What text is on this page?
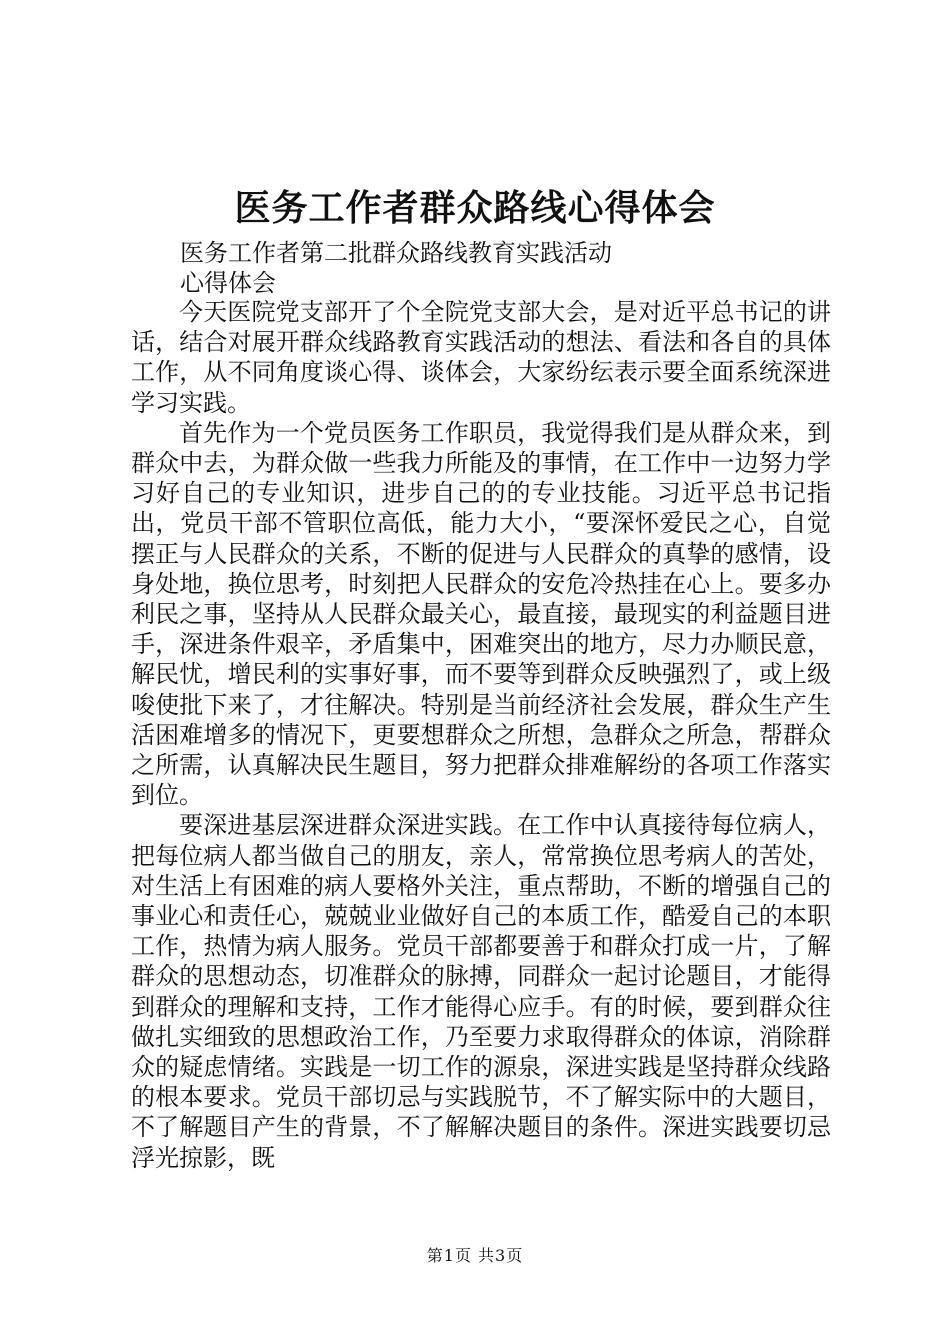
医务工作者群众路线心得体会

医务工作者第二批群众路线教育实践活动

心得体会

今天医院党支部开了个全院党支部大会，是对近平总书记的讲话，结合对展开群众线路教育实践活动的想法、看法和各自的具体工作，从不同角度谈心得、谈体会，大家纷纭表示要全面系统深进学习实践。

首先作为一个党员医务工作职员，我觉得我们是从群众来，到群众中去，为群众做一些我力所能及的事情，在工作中一边努力学习好自己的专业知识，进步自己的的专业技能。习近平总书记指出，党员干部不管职位高低，能力大小，“要深怀爱民之心，自觉摆正与人民群众的关系，不断的促进与人民群众的真挚的感情，设身处地，换位思考，时刻把人民群众的安危冷热挂在心上。要多办利民之事，坚持从人民群众最关心，最直接，最现实的利益题目进手，深进条件艰辛，矛盾集中，困难突出的地方，尽力办顺民意，解民忧，增民利的实事好事，而不要等到群众反映强烈了，或上级唆使批下来了，才往解决。特别是当前经济社会发展，群众生产生活困难增多的情况下，更要想群众之所想，急群众之所急，帮群众之所需，认真解决民生题目，努力把群众排难解纷的各项工作落实到位。

要深进基层深进群众深进实践。在工作中认真接待每位病人，把每位病人都当做自己的朋友，亲人，常常换位思考病人的苦处，对生活上有困难的病人要格外关注，重点帮助，不断的增强自己的事业心和责任心，兢兢业业做好自己的本质工作，酷爱自己的本职工作，热情为病人服务。党员干部都要善于和群众打成一片，了解群众的思想动态，切准群众的脉搏，同群众一起讨论题目，才能得到群众的理解和支持，工作才能得心应手。有的时候，要到群众往做扎实细致的思想政治工作，乃至要力求取得群众的体谅，消除群众的疑虑情绪。实践是一切工作的源泉，深进实践是坚持群众线路的根本要求。党员干部切忌与实践脱节，不了解实际中的大题目，不了解题目产生的背景，不了解解决题目的条件。深进实践要切忌浮光掠影，既

第1页 共3页
